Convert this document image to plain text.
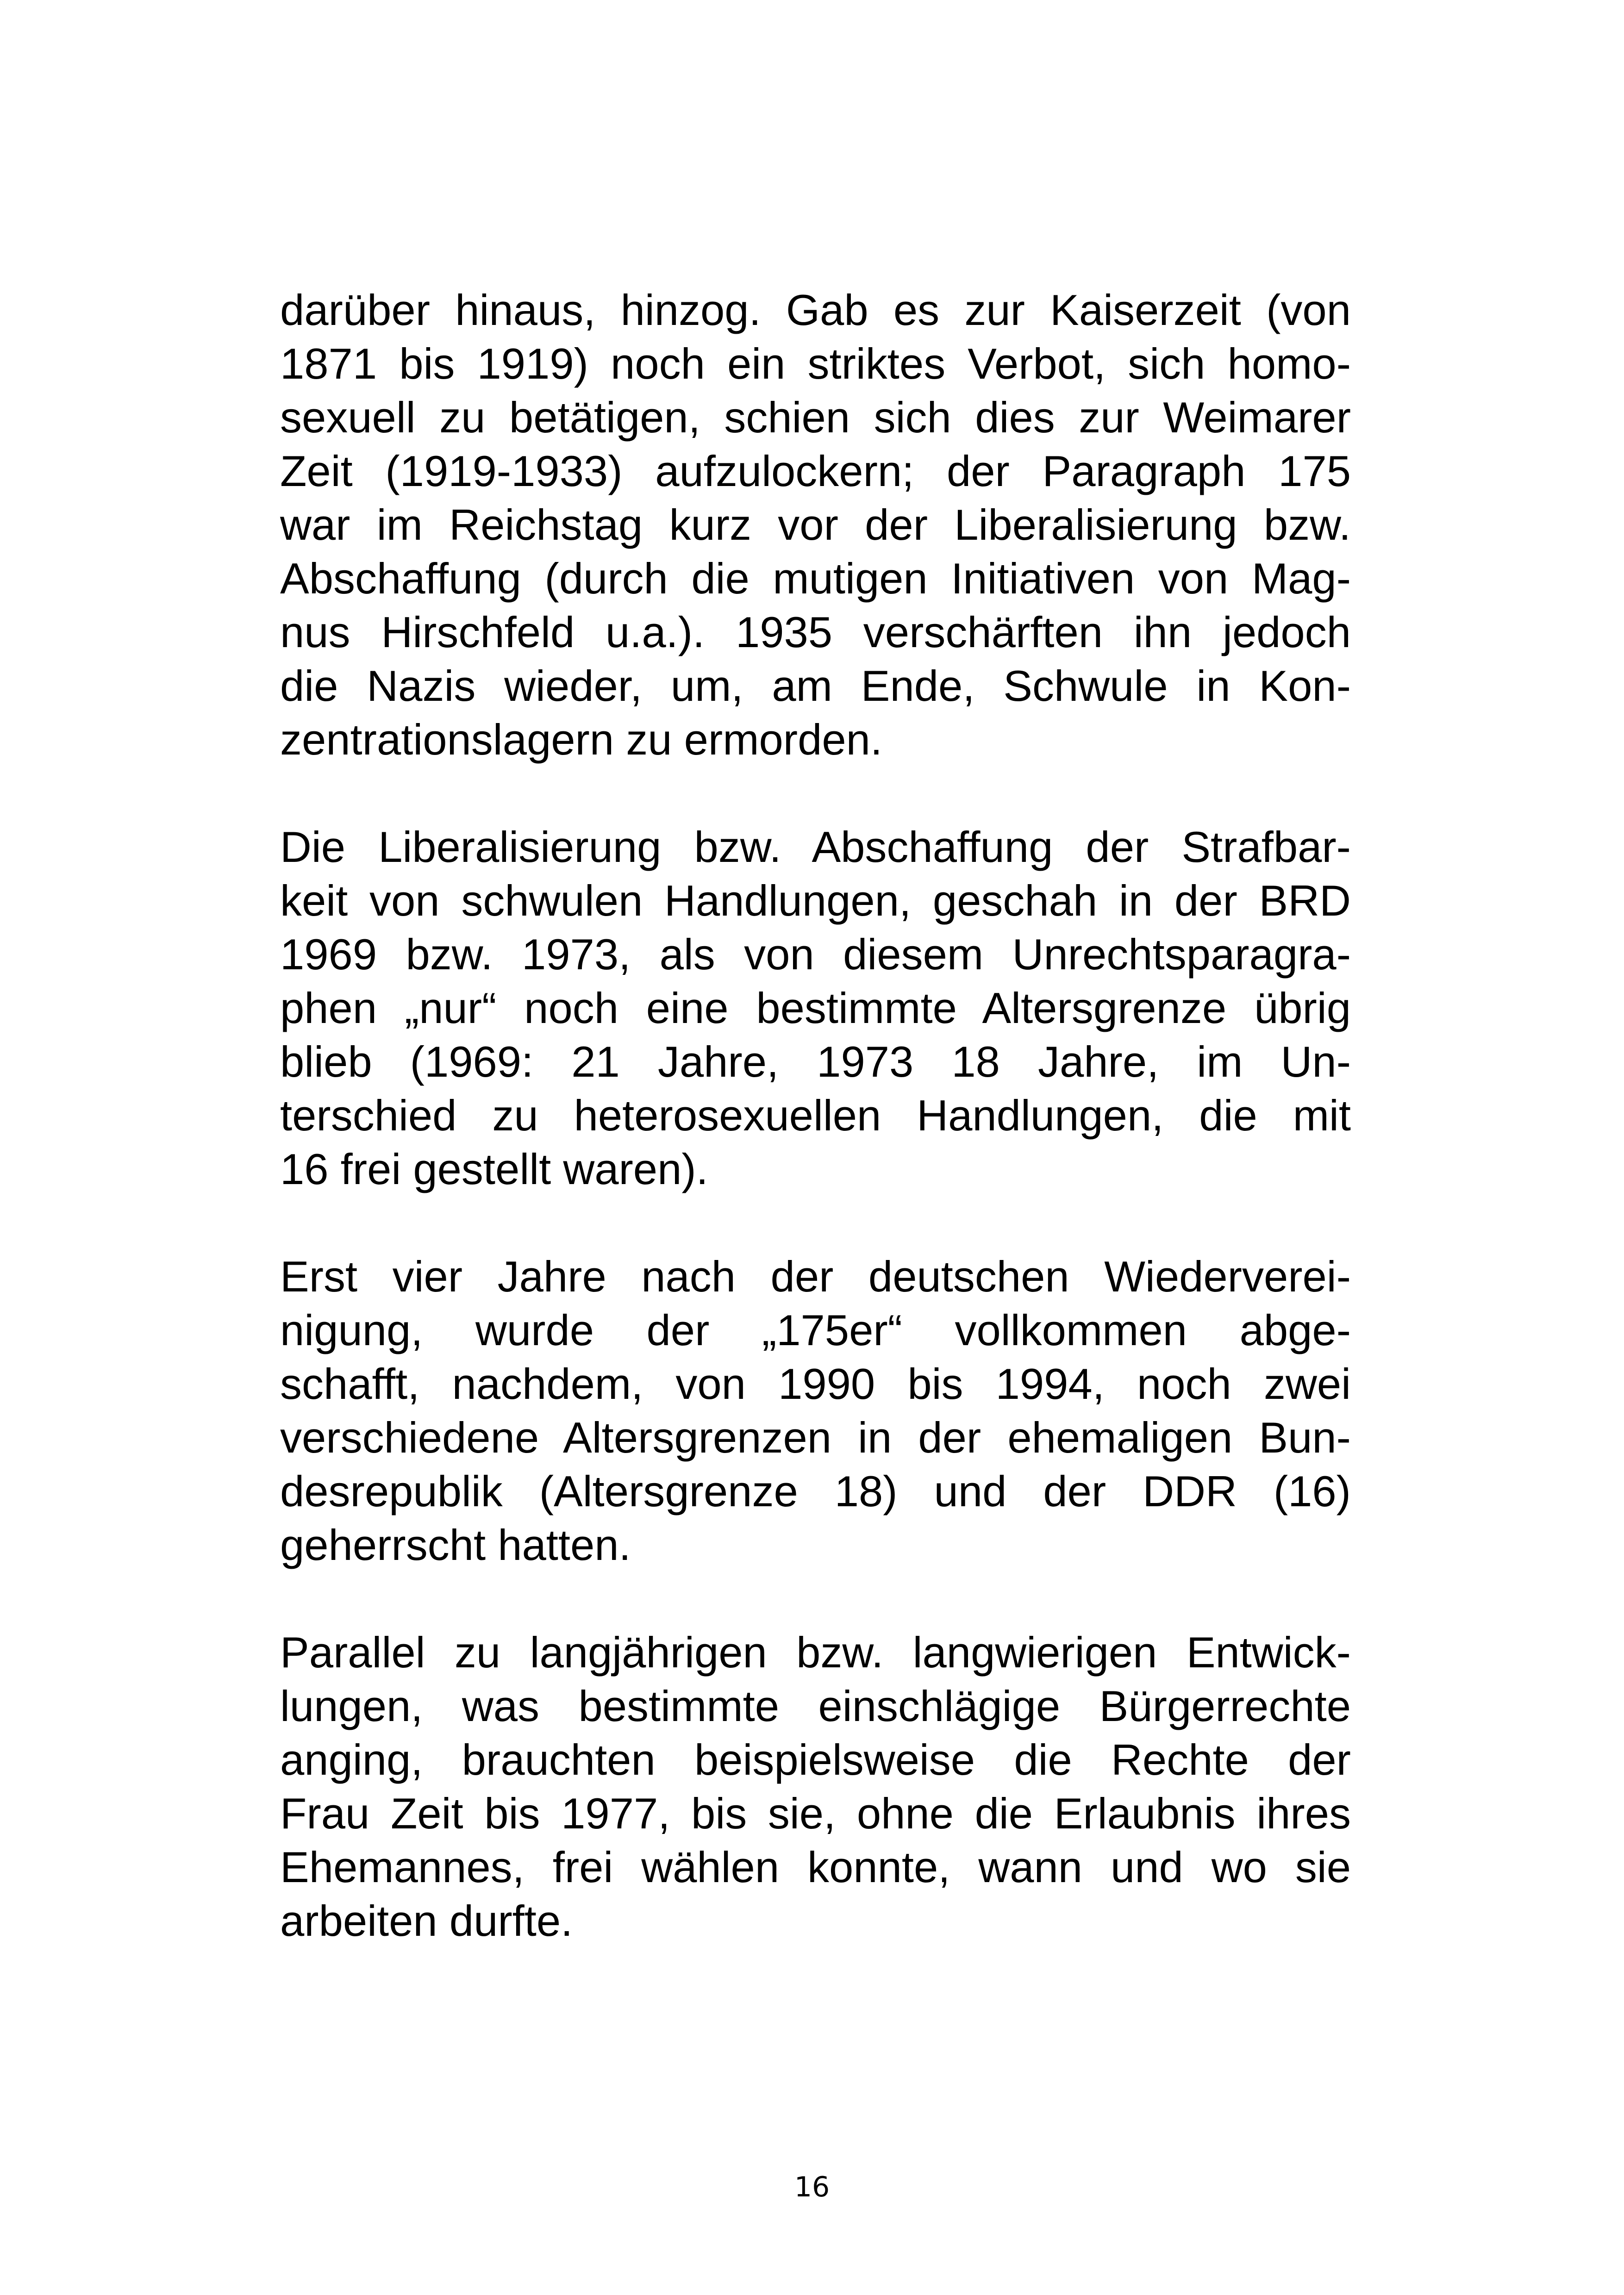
darüber hinaus, hinzog. Gab es zur Kaiserzeit (von
1871 bis 1919) noch ein striktes Verbot, sich homo-
sexuell zu betätigen, schien sich dies zur Weimarer
Zeit (1919-1933) aufzulockern; der Paragraph 175
war im Reichstag kurz vor der Liberalisierung bzw.
Abschaffung (durch die mutigen Initiativen von Mag-
nus Hirschfeld u.a.). 1935 verschärften ihn jedoch
die Nazis wieder, um, am Ende, Schwule in Kon-
zentrationslagern zu ermorden.
Die Liberalisierung bzw. Abschaffung der Strafbar-
keit von schwulen Handlungen, geschah in der BRD
1969 bzw. 1973, als von diesem Unrechtsparagra-
phen „nur“ noch eine bestimmte Altersgrenze übrig
blieb (1969: 21 Jahre, 1973 18 Jahre, im Un-
terschied zu heterosexuellen Handlungen, die mit
16 frei gestellt waren).
Erst vier Jahre nach der deutschen Wiederverei-
nigung, wurde der „175er“ vollkommen abge-
schafft, nachdem, von 1990 bis 1994, noch zwei
verschiedene Altersgrenzen in der ehemaligen Bun-
desrepublik (Altersgrenze 18) und der DDR (16)
geherrscht hatten.
Parallel zu langjährigen bzw. langwierigen Entwick-
lungen, was bestimmte einschlägige Bürgerrechte
anging, brauchten beispielsweise die Rechte der
Frau Zeit bis 1977, bis sie, ohne die Erlaubnis ihres
Ehemannes, frei wählen konnte, wann und wo sie
arbeiten durfte.
16
